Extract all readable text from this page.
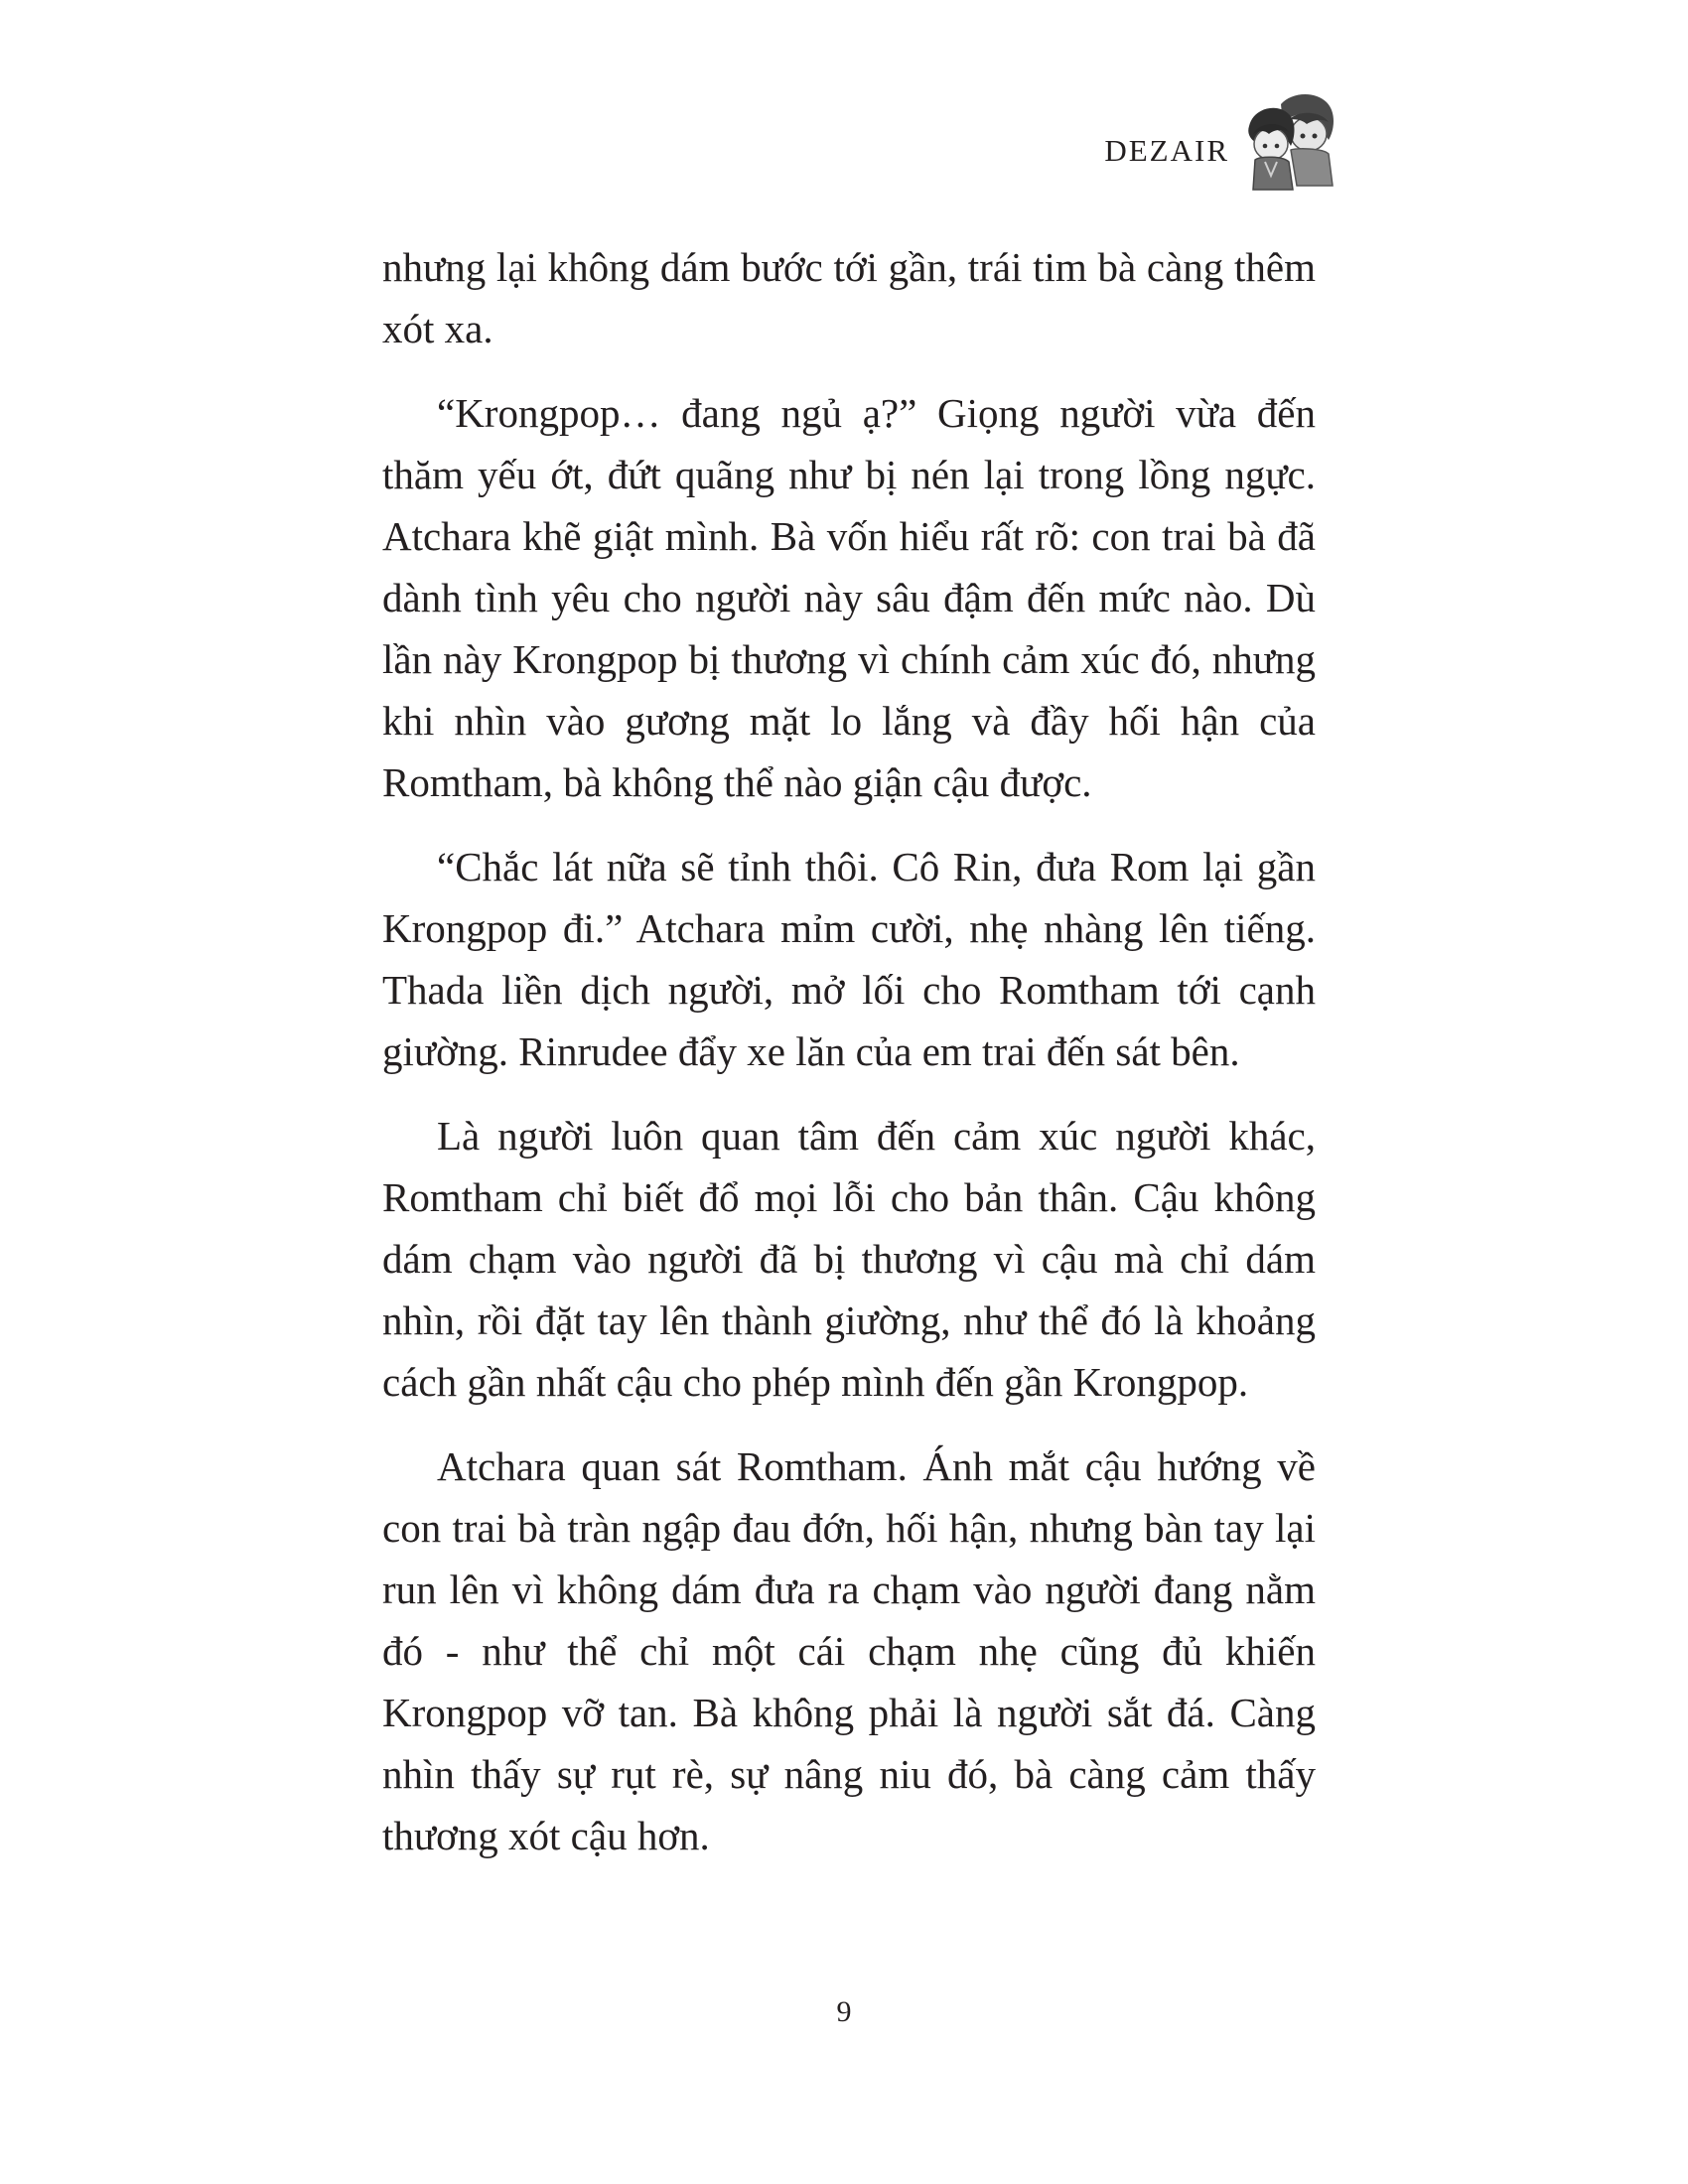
DEZAIR

nhưng lại không dám bước tới gần, trái tim bà càng thêm xót xa.

“Krongpop… đang ngủ ạ?” Giọng người vừa đến thăm yếu ớt, đứt quãng như bị nén lại trong lồng ngực. Atchara khẽ giật mình. Bà vốn hiểu rất rõ: con trai bà đã dành tình yêu cho người này sâu đậm đến mức nào. Dù lần này Krongpop bị thương vì chính cảm xúc đó, nhưng khi nhìn vào gương mặt lo lắng và đầy hối hận của Romtham, bà không thể nào giận cậu được.

“Chắc lát nữa sẽ tỉnh thôi. Cô Rin, đưa Rom lại gần Krongpop đi.” Atchara mỉm cười, nhẹ nhàng lên tiếng. Thada liền dịch người, mở lối cho Romtham tới cạnh giường. Rinrudee đẩy xe lăn của em trai đến sát bên.

Là người luôn quan tâm đến cảm xúc người khác, Romtham chỉ biết đổ mọi lỗi cho bản thân. Cậu không dám chạm vào người đã bị thương vì cậu mà chỉ dám nhìn, rồi đặt tay lên thành giường, như thể đó là khoảng cách gần nhất cậu cho phép mình đến gần Krongpop.

Atchara quan sát Romtham. Ánh mắt cậu hướng về con trai bà tràn ngập đau đớn, hối hận, nhưng bàn tay lại run lên vì không dám đưa ra chạm vào người đang nằm đó - như thể chỉ một cái chạm nhẹ cũng đủ khiến Krongpop vỡ tan. Bà không phải là người sắt đá. Càng nhìn thấy sự rụt rè, sự nâng niu đó, bà càng cảm thấy thương xót cậu hơn.

9
